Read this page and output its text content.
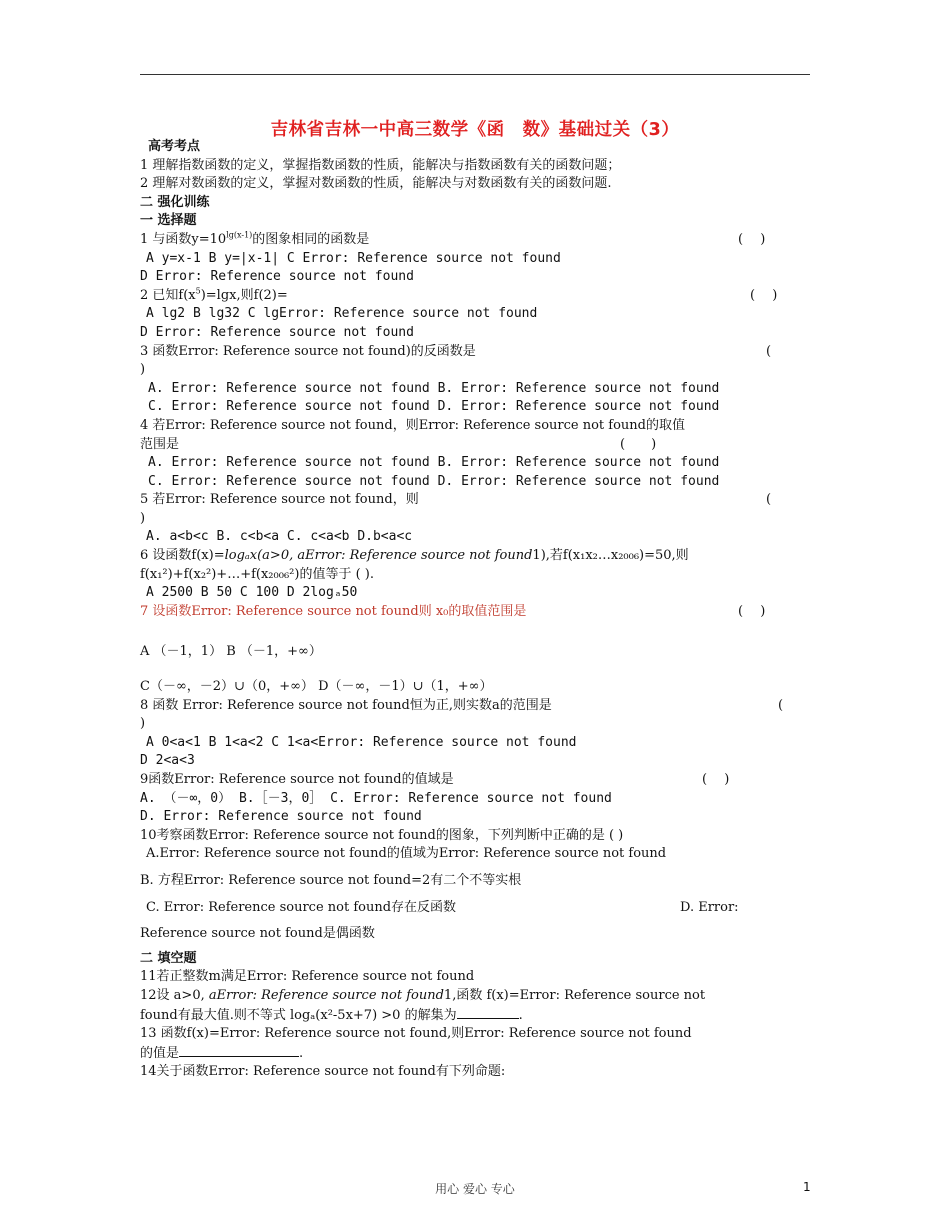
吉林省吉林一中高三数学《函　数》基础过关（3）
高考考点
1 理解指数函数的定义，掌握指数函数的性质，能解决与指数函数有关的函数问题；
2 理解对数函数的定义，掌握对数函数的性质，能解决与对数函数有关的函数问题.
二 强化训练
一 选择题
1 与函数$y=10^{lg(x-1)}$的图象相同的函数是	(　 )
A y=x-1 B y=|x-1| C Error: Reference source not found
D Error: Reference source not found
2 已知$f(x^5)=\lg x$,则f(2)=	(　 )
A lg2 B lg32 C lgError: Reference source not found
D Error: Reference source not found
3 函数Error: Reference source not found)的反函数是	(
)
A. Error: Reference source not found B. Error: Reference source not found
C. Error: Reference source not found D. Error: Reference source not found
4 若Error: Reference source not found，则Error: Reference source not found的取值
范围是	(　　)
A. Error: Reference source not found B. Error: Reference source not found
C. Error: Reference source not found D. Error: Reference source not found
5 若Error: Reference source not found，则	(
)
A. a<b<c B. c<b<a C. c<a<b D.b<a<c
6 设函数f(x)=logₐx(a>0, aError: Reference source not found1),若f(x₁x₂…x₂₀₀₆)=50,则
f(x₁²)+f(x₂²)+…+f(x₂₀₀₆²)的值等于 ( ).
A 2500 B 50 C 100 D 2logₐ50
7 设函数Error: Reference source not found则 x₀的取值范围是	(　 )
A （－1，1） B （－1，+∞）
C（－∞，－2）∪（0，+∞） D（－∞，－1）∪（1，+∞）
8 函数 Error: Reference source not found恒为正,则实数a的范围是	(
)
A 0<a<1 B 1<a<2 C 1<a<Error: Reference source not found
D 2<a<3
9函数Error: Reference source not found的值域是	(　 )
A. （－∞，0） B.［－3，0］ C. Error: Reference source not found
D. Error: Reference source not found
10考察函数Error: Reference source not found的图象，下列判断中正确的是 ( )
A.Error: Reference source not found的值域为Error: Reference source not found
B. 方程Error: Reference source not found=2有二个不等实根
C. Error: Reference source not found存在反函数	D. Error:
Reference source not found是偶函数
二 填空题
11若正整数m满足Error: Reference source not found
12设 a>0, aError: Reference source not found1,函数 f(x)=Error: Reference source not
found有最大值.则不等式 logₐ(x²-5x+7) >0 的解集为	.
13 函数f(x)=Error: Reference source not found,则Error: Reference source not found
的值是	.
14关于函数Error: Reference source not found有下列命题:
用心 爱心 专心	1
